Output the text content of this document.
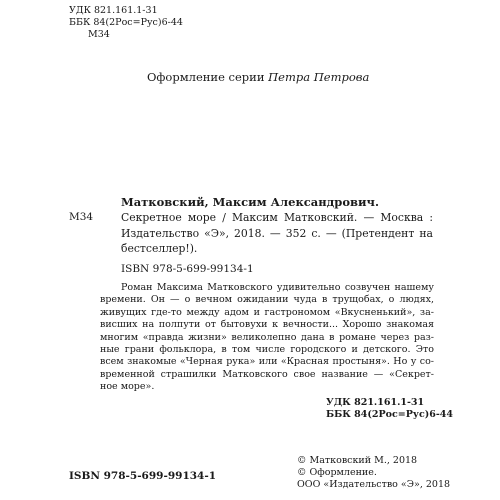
УДК 821.161.1-31
ББК 84(2Рос=Рус)6-44
М34
Оформление серии Петра Петрова
Матковский, Максим Александрович.
М34	Секретное море / Максим Матковский. — Москва :
Издательство «Э», 2018. — 352 с. — (Претендент на
бестселлер!).
ISBN 978-5-699-99134-1
Роман Максима Матковского удивительно созвучен нашему
времени. Он — о вечном ожидании чуда в трущобах, о людях,
живущих где-то между адом и гастрономом «Вкусненький», за-
висших на полпути от бытовухи к вечности... Хорошо знакомая
многим «правда жизни» великолепно дана в романе через раз-
ные грани фольклора, в том числе городского и детского. Это
всем знакомые «Черная рука» или «Красная простыня». Но у со-
временной страшилки Матковского свое название — «Секрет-
ное море».
УДК 821.161.1-31
ББК 84(2Рос=Рус)6-44
ISBN 978-5-699-99134-1
© Матковский М., 2018
© Оформление.
ООО «Издательство «Э», 2018
